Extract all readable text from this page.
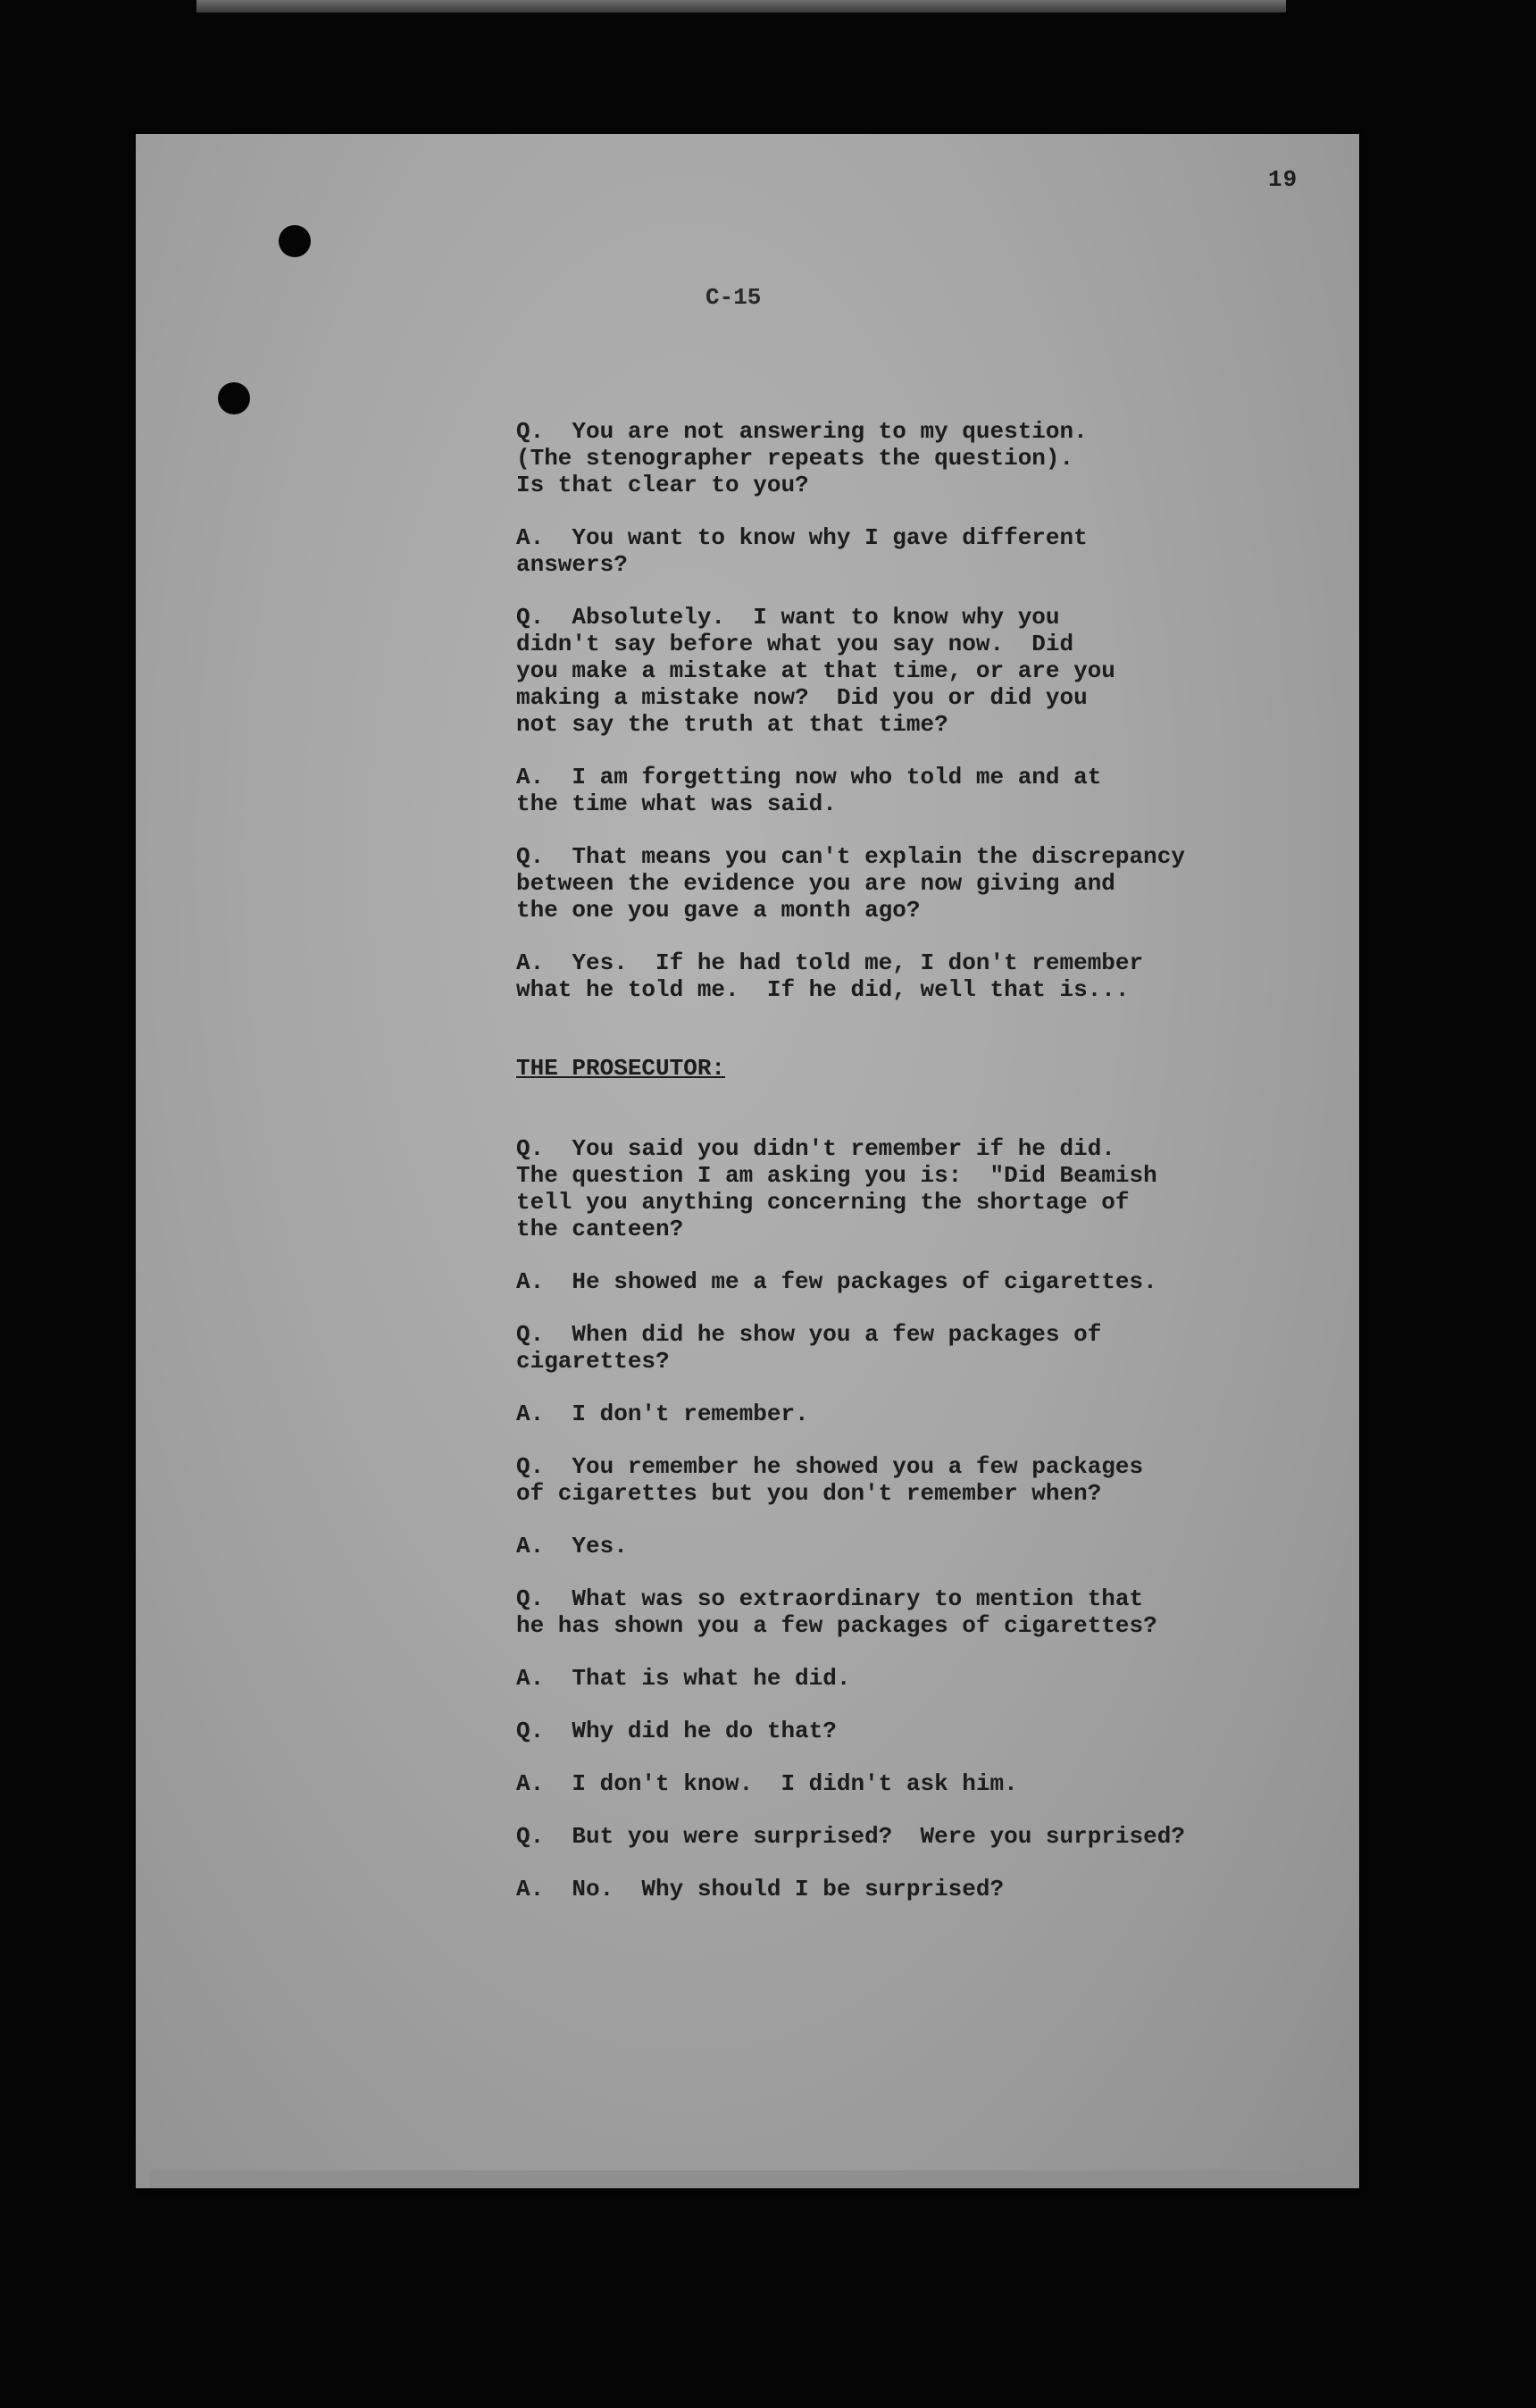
19
C-15
Q.  You are not answering to my question.
(The stenographer repeats the question).
Is that clear to you?
A.  You want to know why I gave different
answers?
Q.  Absolutely.  I want to know why you
didn't say before what you say now.  Did
you make a mistake at that time, or are you
making a mistake now?  Did you or did you
not say the truth at that time?
A.  I am forgetting now who told me and at
the time what was said.
Q.  That means you can't explain the discrepancy
between the evidence you are now giving and
the one you gave a month ago?
A.  Yes.  If he had told me, I don't remember
what he told me.  If he did, well that is...
THE PROSECUTOR:
Q.  You said you didn't remember if he did.
The question I am asking you is:  "Did Beamish
tell you anything concerning the shortage of
the canteen?
A.  He showed me a few packages of cigarettes.
Q.  When did he show you a few packages of
cigarettes?
A.  I don't remember.
Q.  You remember he showed you a few packages
of cigarettes but you don't remember when?
A.  Yes.
Q.  What was so extraordinary to mention that
he has shown you a few packages of cigarettes?
A.  That is what he did.
Q.  Why did he do that?
A.  I don't know.  I didn't ask him.
Q.  But you were surprised?  Were you surprised?
A.  No.  Why should I be surprised?
